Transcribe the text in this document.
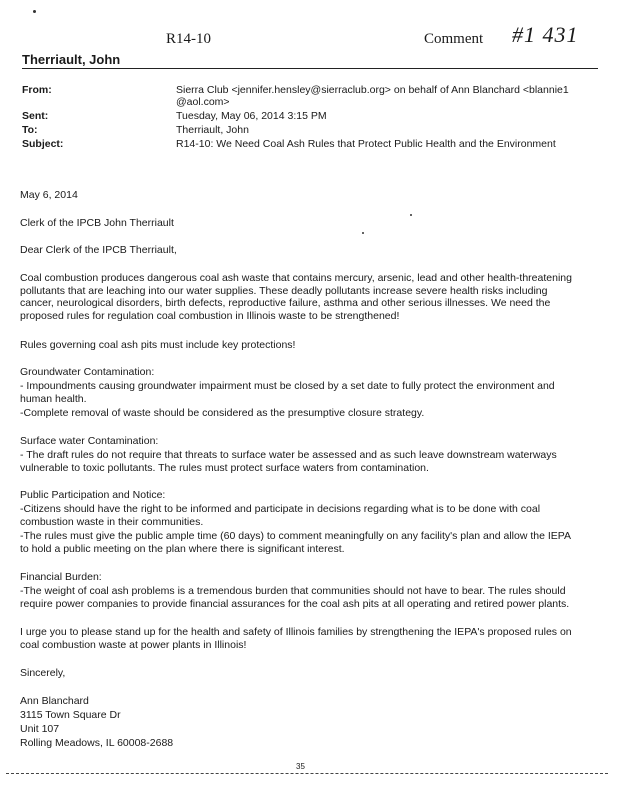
R14-10	Comment #1 431
Therriault, John
From:	Sierra Club <jennifer.hensley@sierraclub.org> on behalf of Ann Blanchard <blannie1 @aol.com>
Sent:	Tuesday, May 06, 2014 3:15 PM
To:	Therriault, John
Subject:	R14-10: We Need Coal Ash Rules that Protect Public Health and the Environment

May 6, 2014

Clerk of the IPCB John Therriault

Dear Clerk of the IPCB Therriault,

Coal combustion produces dangerous coal ash waste that contains mercury, arsenic, lead and other health-threatening pollutants that are leaching into our water supplies. These deadly pollutants increase severe health risks including cancer, neurological disorders, birth defects, reproductive failure, asthma and other serious illnesses. We need the proposed rules for regulation coal combustion in Illinois waste to be strengthened!

Rules governing coal ash pits must include key protections!

Groundwater Contamination:

- Impoundments causing groundwater impairment must be closed by a set date to fully protect the environment and human health.

-Complete removal of waste should be considered as the presumptive closure strategy.

Surface water Contamination:

- The draft rules do not require that threats to surface water be assessed and as such leave downstream waterways vulnerable to toxic pollutants. The rules must protect surface waters from contamination.

Public Participation and Notice:

-Citizens should have the right to be informed and participate in decisions regarding what is to be done with coal combustion waste in their communities.

-The rules must give the public ample time (60 days) to comment meaningfully on any facility's plan and allow the IEPA to hold a public meeting on the plan where there is significant interest.

Financial Burden:

-The weight of coal ash problems is a tremendous burden that communities should not have to bear. The rules should require power companies to provide financial assurances for the coal ash pits at all operating and retired power plants.

I urge you to please stand up for the health and safety of Illinois families by strengthening the IEPA's proposed rules on coal combustion waste at power plants in Illinois!

Sincerely,

Ann Blanchard

3115 Town Square Dr

Unit 107

Rolling Meadows, IL 60008-2688

35
